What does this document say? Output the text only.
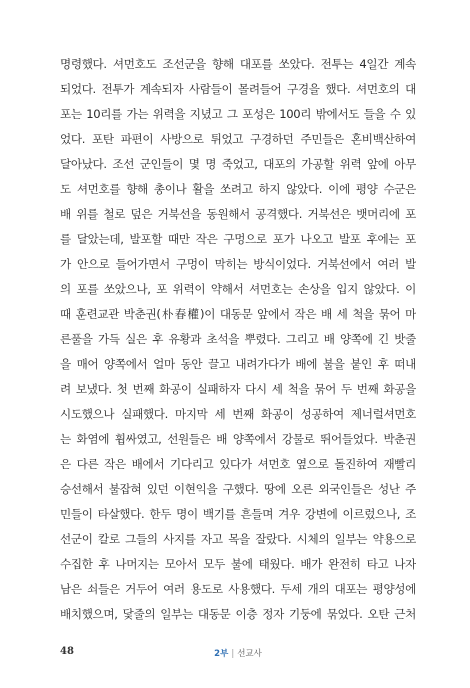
명령했다. 셔먼호도 조선군을 향해 대포를 쏘았다. 전투는 4일간 계속
되었다. 전투가 계속되자 사람들이 몰려들어 구경을 했다. 셔먼호의 대
포는 10리를 가는 위력을 지녔고 그 포성은 100리 밖에서도 들을 수 있
었다. 포탄 파편이 사방으로 튀었고 구경하던 주민들은 혼비백산하여
달아났다. 조선 군인들이 몇 명 죽었고, 대포의 가공할 위력 앞에 아무
도 셔먼호를 향해 총이나 활을 쏘려고 하지 않았다. 이에 평양 수군은
배 위를 철로 덮은 거북선을 동원해서 공격했다. 거북선은 뱃머리에 포
를 달았는데, 발포할 때만 작은 구멍으로 포가 나오고 발포 후에는 포
가 안으로 들어가면서 구멍이 막히는 방식이었다. 거북선에서 여러 발
의 포를 쏘았으나, 포 위력이 약해서 셔먼호는 손상을 입지 않았다. 이
때 훈련교관 박춘권(朴春權)이 대동문 앞에서 작은 배 세 척을 묶어 마
른풀을 가득 실은 후 유황과 초석을 뿌렸다. 그리고 배 양쪽에 긴 밧줄
을 매어 양쪽에서 얼마 동안 끌고 내려가다가 배에 불을 붙인 후 떠내
려 보냈다. 첫 번째 화공이 실패하자 다시 세 척을 묶어 두 번째 화공을
시도했으나 실패했다. 마지막 세 번째 화공이 성공하여 제너럴셔먼호
는 화염에 휩싸였고, 선원들은 배 양쪽에서 강물로 뛰어들었다. 박춘권
은 다른 작은 배에서 기다리고 있다가 셔먼호 옆으로 돌진하여 재빨리
승선해서 불잡혀 있던 이현익을 구했다. 땅에 오른 외국인들은 성난 주
민들이 타살했다. 한두 명이 백기를 흔들며 겨우 강변에 이르렀으나, 조
선군이 칼로 그들의 사지를 자고 목을 잘랐다. 시체의 일부는 약용으로
수집한 후 나머지는 모아서 모두 불에 태웠다. 배가 완전히 타고 나자
남은 쇠들은 거두어 여러 용도로 사용했다. 두세 개의 대포는 평양성에
배치했으며, 닻줄의 일부는 대동문 이층 정자 기둥에 묶었다. 오탄 근처
48	2부 | 선교사
